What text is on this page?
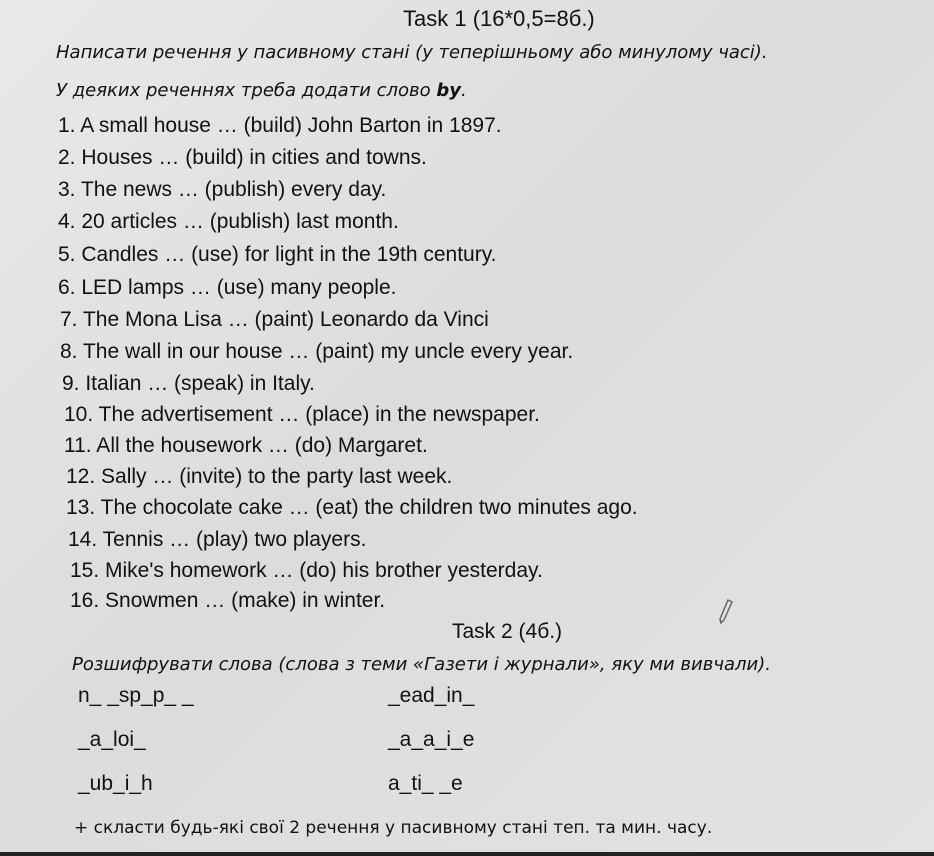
Task 1 (16*0,5=8б.)
Написати речення у пасивному стані (у теперішньому або минулому часі).
У деяких реченнях треба додати слово by.
1. A small house … (build) John Barton in 1897.
2. Houses … (build) in cities and towns.
3. The news … (publish) every day.
4. 20 articles … (publish) last month.
5. Candles … (use) for light in the 19th century.
6. LED lamps … (use) many people.
7. The Mona Lisa … (paint) Leonardo da Vinci
8. The wall in our house … (paint) my uncle every year.
9. Italian … (speak) in Italy.
10. The advertisement … (place) in the newspaper.
11. All the housework … (do) Margaret.
12. Sally … (invite) to the party last week.
13. The chocolate cake … (eat) the children two minutes ago.
14. Tennis … (play) two players.
15. Mike's homework … (do) his brother yesterday.
16. Snowmen … (make) in winter.
Task 2 (4б.)
Розшифрувати слова (слова з теми «Газети і журнали», яку ми вивчали).
n_ _sp_p_ _	_ead_in_
_a_loi_	_a_a_i_e
_ub_i_h	a_ti_ _e
+ скласти будь-які свої 2 речення у пасивному стані теп. та мин. часу.
